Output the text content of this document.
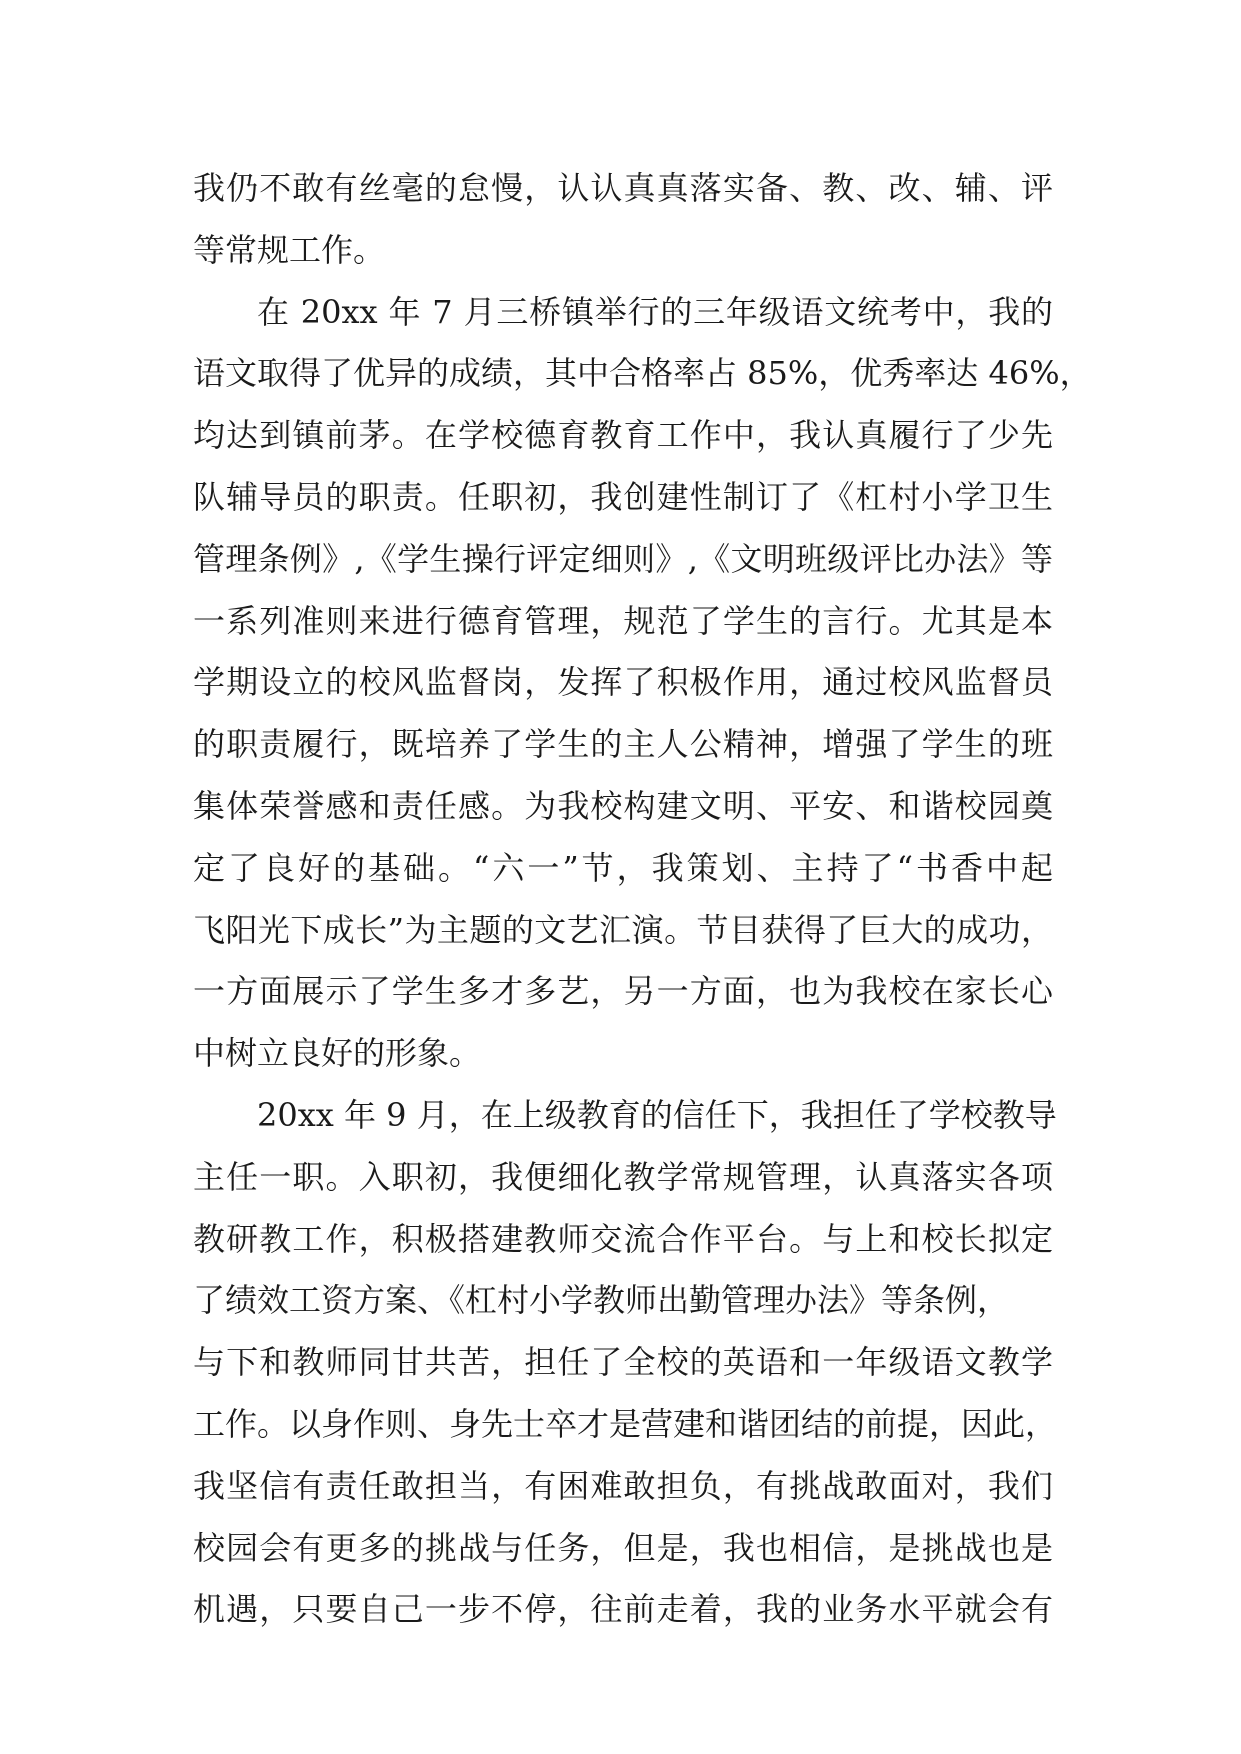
我仍不敢有丝毫的怠慢，认认真真落实备、教、改、辅、评
等常规工作。
在 20xx 年 7 月三桥镇举行的三年级语文统考中，我的
语文取得了优异的成绩，其中合格率占 85%，优秀率达 46%，
均达到镇前茅。在学校德育教育工作中，我认真履行了少先
队辅导员的职责。任职初，我创建性制订了《杠村小学卫生
管理条例》,《学生操行评定细则》,《文明班级评比办法》等
一系列准则来进行德育管理，规范了学生的言行。尤其是本
学期设立的校风监督岗，发挥了积极作用，通过校风监督员
的职责履行，既培养了学生的主人公精神，增强了学生的班
集体荣誉感和责任感。为我校构建文明、平安、和谐校园奠
定了良好的基础。“六一”节，我策划、主持了“书香中起
飞阳光下成长”为主题的文艺汇演。节目获得了巨大的成功，
一方面展示了学生多才多艺，另一方面，也为我校在家长心
中树立良好的形象。
20xx 年 9 月，在上级教育的信任下，我担任了学校教导
主任一职。入职初，我便细化教学常规管理，认真落实各项
教研教工作，积极搭建教师交流合作平台。与上和校长拟定
了绩效工资方案、《杠村小学教师出勤管理办法》等条例，
与下和教师同甘共苦，担任了全校的英语和一年级语文教学
工作。以身作则、身先士卒才是营建和谐团结的前提，因此，
我坚信有责任敢担当，有困难敢担负，有挑战敢面对，我们
校园会有更多的挑战与任务，但是，我也相信，是挑战也是
机遇，只要自己一步不停，往前走着，我的业务水平就会有
